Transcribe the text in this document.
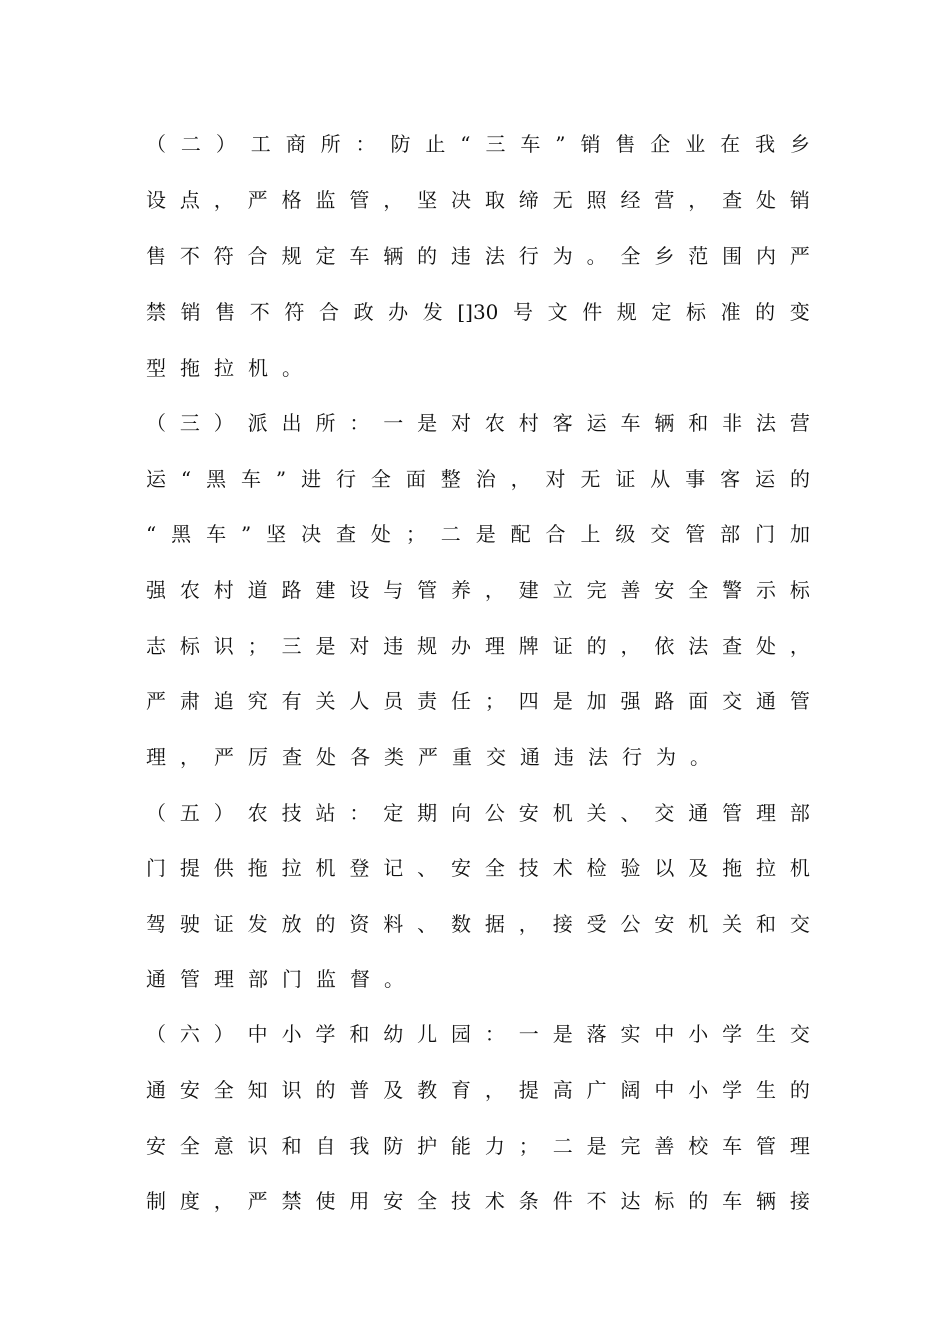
（ 二 ） 工 商 所 ： 防 止 “ 三 车 ” 销 售 企 业 在 我 乡
设 点 ， 严 格 监 管 ， 坚 决 取 缔 无 照 经 营 ， 查 处 销
售 不 符 合 规 定 车 辆 的 违 法 行 为 。 全 乡 范 围 内 严
禁 销 售 不 符 合 政 办 发 []30 号 文 件 规 定 标 准 的 变
型 拖 拉 机 。
（ 三 ） 派 出 所 ： 一 是 对 农 村 客 运 车 辆 和 非 法 营
运 “ 黑 车 ” 进 行 全 面 整 治 ， 对 无 证 从 事 客 运 的
“ 黑 车 ” 坚 决 查 处 ； 二 是 配 合 上 级 交 管 部 门 加
强 农 村 道 路 建 设 与 管 养 ， 建 立 完 善 安 全 警 示 标
志 标 识 ； 三 是 对 违 规 办 理 牌 证 的 ， 依 法 查 处 ，
严 肃 追 究 有 关 人 员 责 任 ； 四 是 加 强 路 面 交 通 管
理 ， 严 厉 查 处 各 类 严 重 交 通 违 法 行 为 。
（ 五 ） 农 技 站 ： 定 期 向 公 安 机 关 、 交 通 管 理 部
门 提 供 拖 拉 机 登 记 、 安 全 技 术 检 验 以 及 拖 拉 机
驾 驶 证 发 放 的 资 料 、 数 据 ， 接 受 公 安 机 关 和 交
通 管 理 部 门 监 督 。
（ 六 ） 中 小 学 和 幼 儿 园 ： 一 是 落 实 中 小 学 生 交
通 安 全 知 识 的 普 及 教 育 ， 提 高 广 阔 中 小 学 生 的
安 全 意 识 和 自 我 防 护 能 力 ； 二 是 完 善 校 车 管 理
制 度 ， 严 禁 使 用 安 全 技 术 条 件 不 达 标 的 车 辆 接
